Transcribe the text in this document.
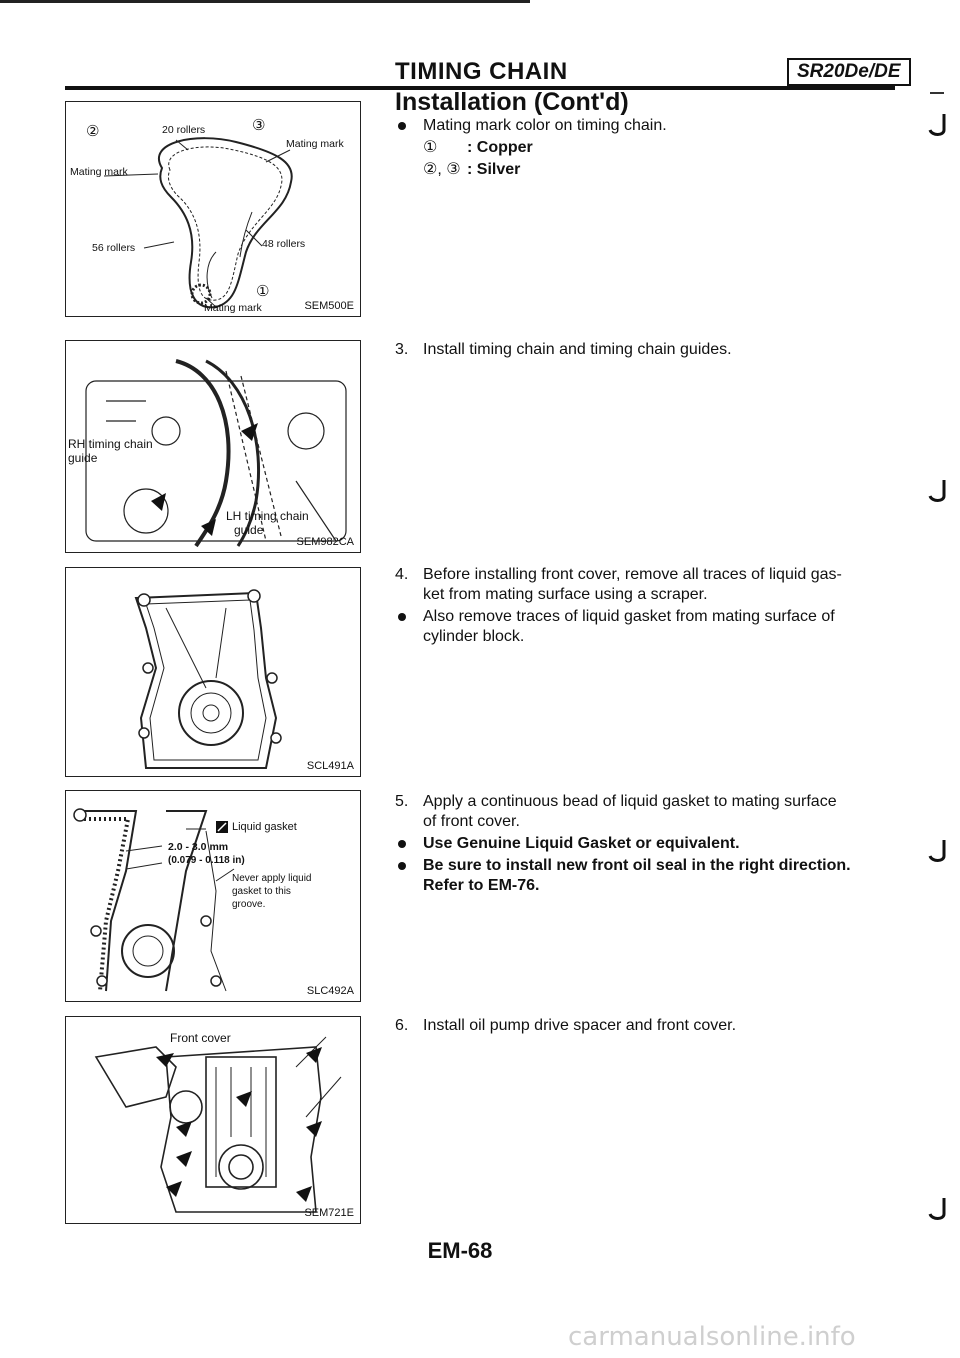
TIMING CHAIN	SR20De/DE
Installation (Cont'd)
②	③
20 rollers
Mating mark
Mating mark
56 rollers	48 rollers
①
Mating mark	SEM500E
RH timing chain
guide
LH timing chain
guide
SEM982CA
SCL491A
Liquid gasket
2.0 - 3.0 mm
(0.079 - 0.118 in)
Never apply liquid
gasket to this
groove.
SLC492A
Front cover
SEM721E
Mating mark color on timing chain.
① : Copper
②, ③ : Silver
3. Install timing chain and timing chain guides.
4. Before installing front cover, remove all traces of liquid gas-
ket from mating surface using a scraper.
Also remove traces of liquid gasket from mating surface of
cylinder block.
5. Apply a continuous bead of liquid gasket to mating surface
of front cover.
Use Genuine Liquid Gasket or equivalent.
Be sure to install new front oil seal in the right direction.
Refer to EM-76.
6. Install oil pump drive spacer and front cover.
EM-68
carmanualsonline.info
